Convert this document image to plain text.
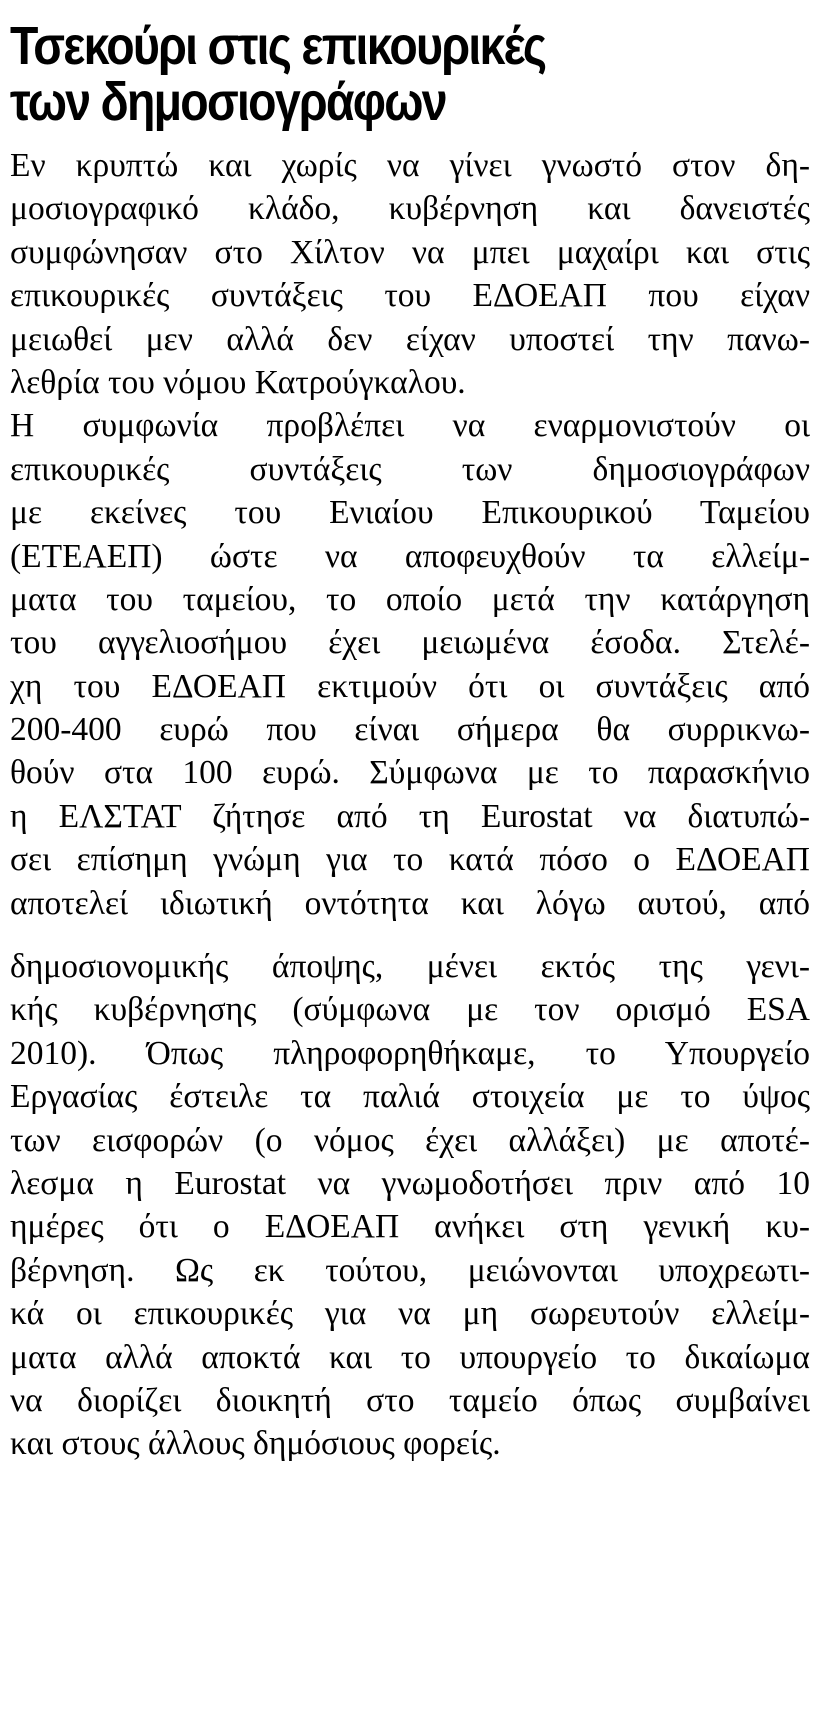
Τσεκούρι στις επικουρικές
των δημοσιογράφων

Εν κρυπτώ και χωρίς να γίνει γνωστό στον δη-
μοσιογραφικό κλάδο, κυβέρνηση και δανειστές
συμφώνησαν στο Χίλτον να μπει μαχαίρι και στις
επικουρικές συντάξεις του ΕΔΟΕΑΠ που είχαν
μειωθεί μεν αλλά δεν είχαν υποστεί την πανω-
λεθρία του νόμου Κατρούγκαλου.

Η συμφωνία προβλέπει να εναρμονιστούν οι
επικουρικές συντάξεις των δημοσιογράφων
με εκείνες του Ενιαίου Επικουρικού Ταμείου
(ΕΤΕΑΕΠ) ώστε να αποφευχθούν τα ελλείμ-
ματα του ταμείου, το οποίο μετά την κατάργηση
του αγγελιοσήμου έχει μειωμένα έσοδα. Στελέ-
χη του ΕΔΟΕΑΠ εκτιμούν ότι οι συντάξεις από
200-400 ευρώ που είναι σήμερα θα συρρικνω-
θούν στα 100 ευρώ. Σύμφωνα με το παρασκήνιο
η ΕΛΣΤΑΤ ζήτησε από τη Eurostat να διατυπώ-
σει επίσημη γνώμη για το κατά πόσο ο ΕΔΟΕΑΠ
αποτελεί ιδιωτική οντότητα και λόγω αυτού, από

δημοσιονομικής άποψης, μένει εκτός της γενι-
κής κυβέρνησης (σύμφωνα με τον ορισμό ESA
2010). Όπως πληροφορηθήκαμε, το Υπουργείο
Εργασίας έστειλε τα παλιά στοιχεία με το ύψος
των εισφορών (ο νόμος έχει αλλάξει) με αποτέ-
λεσμα η Eurostat να γνωμοδοτήσει πριν από 10
ημέρες ότι ο ΕΔΟΕΑΠ ανήκει στη γενική κυ-
βέρνηση. Ως εκ τούτου, μειώνονται υποχρεωτι-
κά οι επικουρικές για να μη σωρευτούν ελλείμ-
ματα αλλά αποκτά και το υπουργείο το δικαίωμα
να διορίζει διοικητή στο ταμείο όπως συμβαίνει
και στους άλλους δημόσιους φορείς.
